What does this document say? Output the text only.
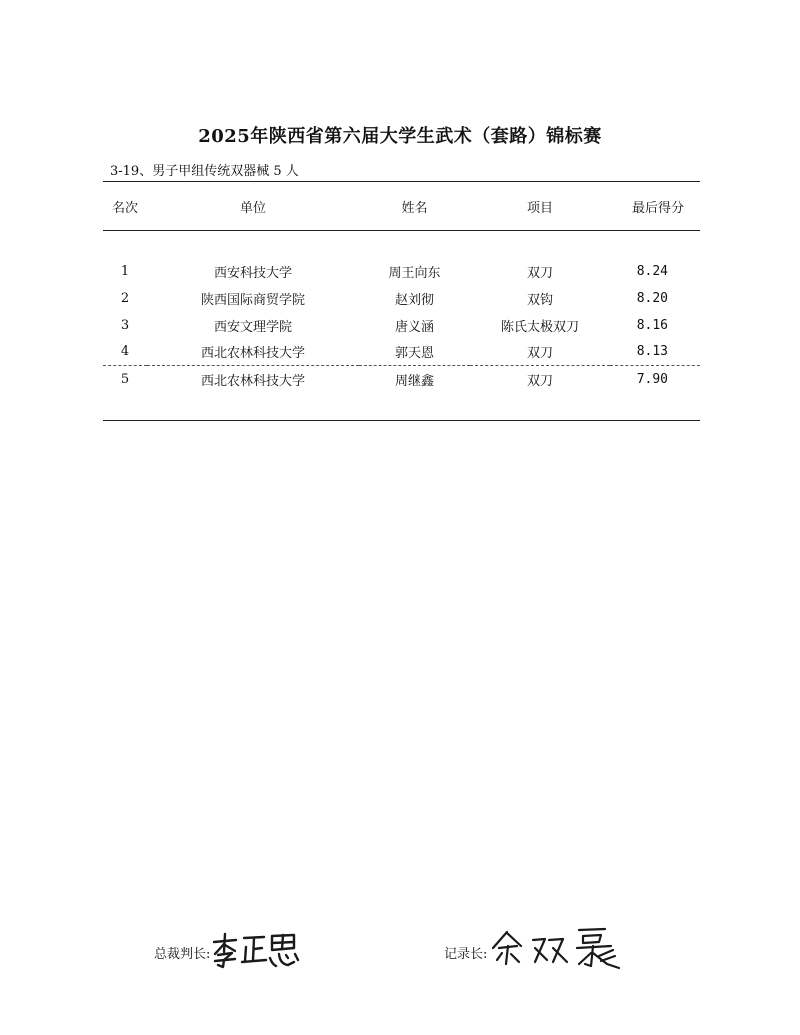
2025年陕西省第六届大学生武术（套路）锦标赛
3-19、男子甲组传统双器械 5 人
名次	单位	姓名	项目	最后得分

1	西安科技大学	周王向东	双刀	8.24
2	陕西国际商贸学院	赵刘彻	双钩	8.20
3	西安文理学院	唐义涵	陈氏太极双刀	8.16
4	西北农林科技大学	郭天恩	双刀	8.13
5	西北农林科技大学	周继鑫	双刀	7.90

总裁判长:	记录长:
